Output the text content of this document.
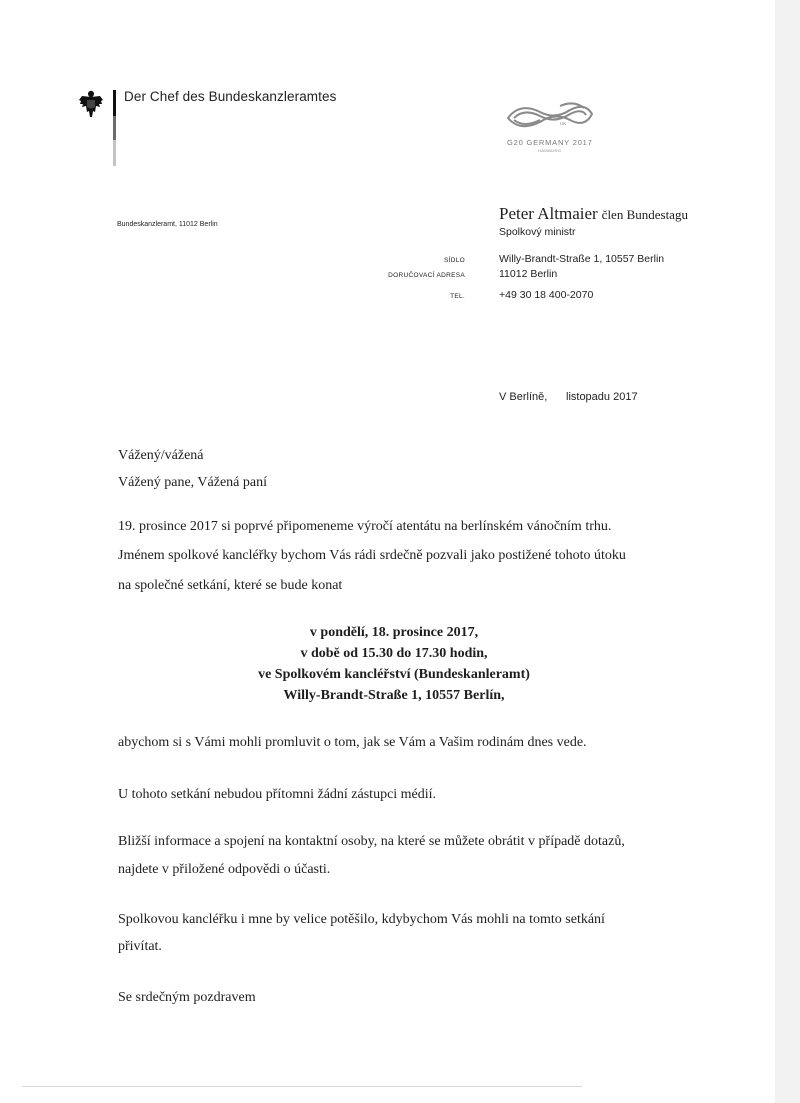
Der Chef des Bundeskanzleramtes
UK
G20 GERMANY 2017
HAMBURG
Bundeskanzleramt, 11012 Berlin
Peter Altmaier člen Bundestagu
Spolkový ministr
SÍDLO	Willy-Brandt-Straße 1, 10557 Berlin
DORUČOVACÍ ADRESA	11012 Berlin
TEL.	+49 30 18 400-2070
V Berlíně, listopadu 2017
Vážený/vážená
Vážený pane, Vážená paní
19. prosince 2017 si poprvé připomeneme výročí atentátu na berlínském vánočním trhu.
Jménem spolkové kancléřky bychom Vás rádi srdečně pozvali jako postižené tohoto útoku
na společné setkání, které se bude konat
v pondělí, 18. prosince 2017,
v době od 15.30 do 17.30 hodin,
ve Spolkovém kancléřství (Bundeskanleramt)
Willy-Brandt-Straße 1, 10557 Berlín,
abychom si s Vámi mohli promluvit o tom, jak se Vám a Vašim rodinám dnes vede.
U tohoto setkání nebudou přítomni žádní zástupci médií.
Bližší informace a spojení na kontaktní osoby, na které se můžete obrátit v případě dotazů,
najdete v přiložené odpovědi o účasti.
Spolkovou kancléřku i mne by velice potěšilo, kdybychom Vás mohli na tomto setkání
přivítat.
Se srdečným pozdravem
